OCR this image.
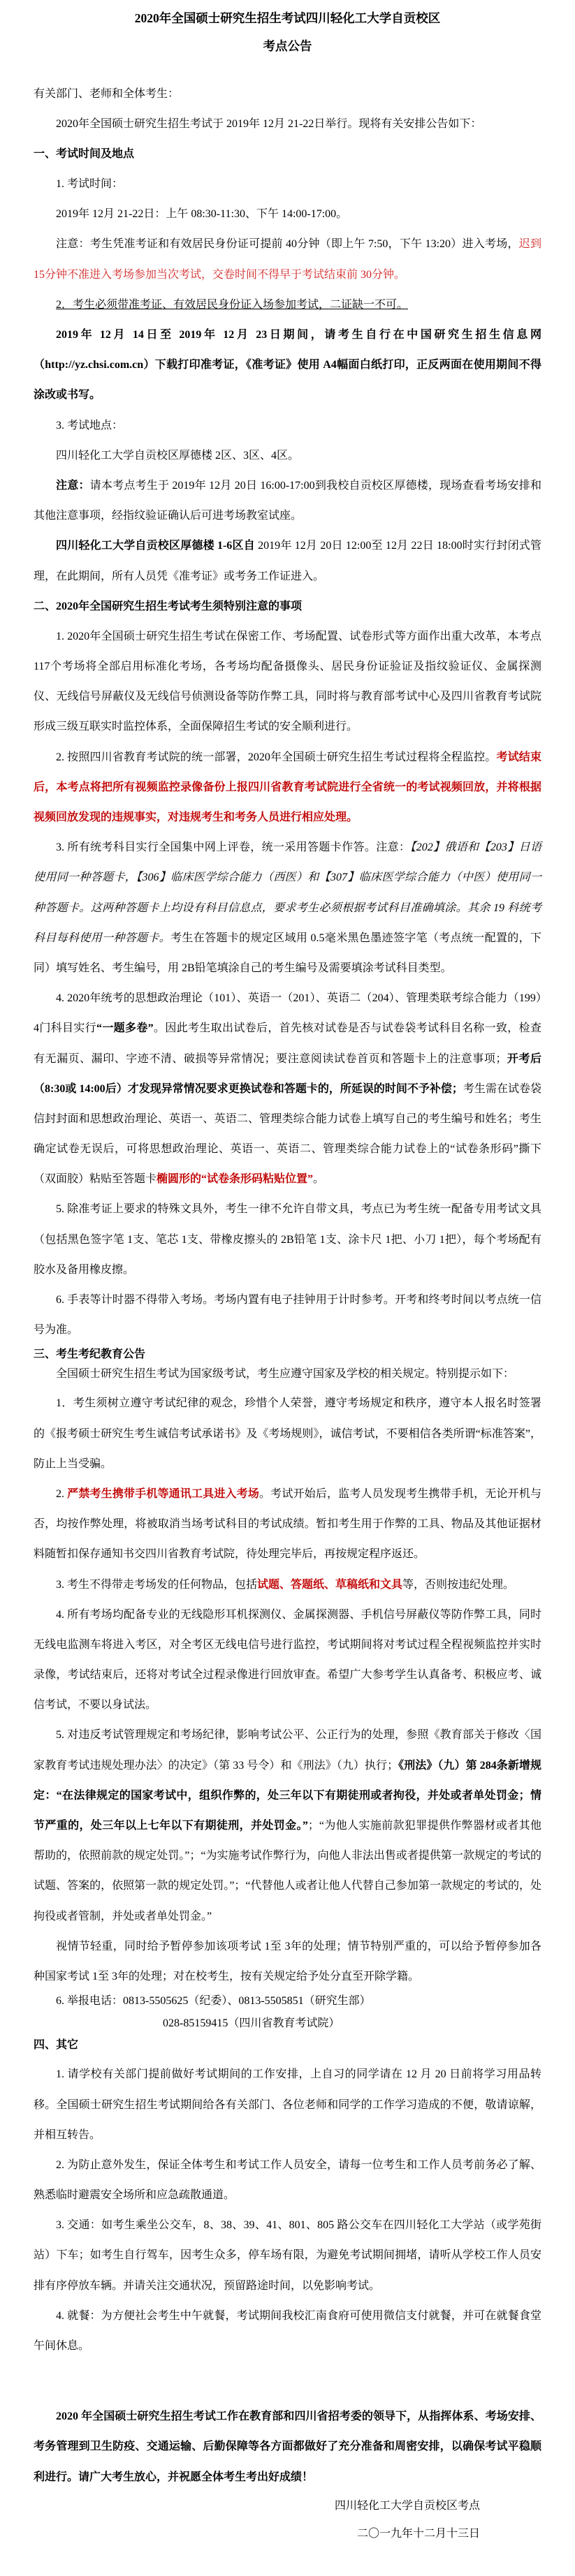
2020年全国硕士研究生招生考试四川轻化工大学自贡校区

考点公告

有关部门、老师和全体考生：

2020年全国硕士研究生招生考试于 2019年 12月 21-22日举行。现将有关安排公告如下：

一、考试时间及地点

1. 考试时间：

2019年 12月 21-22日：上午 08:30-11:30、下午 14:00-17:00。

注意：考生凭准考证和有效居民身份证可提前 40分钟（即上午 7:50，下午 13:20）进入考场，迟到 15分钟不准进入考场参加当次考试，交卷时间不得早于考试结束前 30分钟。

2．考生必须带准考证、有效居民身份证入场参加考试，二证缺一不可。

2019年 12月 14日至 2019年 12月 23日期间，请考生自行在中国研究生招生信息网（http://yz.chsi.com.cn）下载打印准考证，《准考证》使用 A4幅面白纸打印，正反两面在使用期间不得涂改或书写。

3. 考试地点：

四川轻化工大学自贡校区厚德楼 2区、3区、4区。

注意：请本考点考生于 2019年 12月 20日 16:00-17:00到我校自贡校区厚德楼，现场查看考场安排和其他注意事项，经指纹验证确认后可进考场教室试座。

四川轻化工大学自贡校区厚德楼 1-6区自 2019年 12月 20日 12:00至 12月 22日 18:00时实行封闭式管理，在此期间，所有人员凭《准考证》或考务工作证进入。

二、2020年全国研究生招生考试考生须特别注意的事项

1. 2020年全国硕士研究生招生考试在保密工作、考场配置、试卷形式等方面作出重大改革，本考点 117个考场将全部启用标准化考场，各考场均配备摄像头、居民身份证验证及指纹验证仪、金属探测仪、无线信号屏蔽仪及无线信号侦测设备等防作弊工具，同时将与教育部考试中心及四川省教育考试院形成三级互联实时监控体系，全面保障招生考试的安全顺利进行。

2. 按照四川省教育考试院的统一部署，2020年全国硕士研究生招生考试过程将全程监控。考试结束后，本考点将把所有视频监控录像备份上报四川省教育考试院进行全省统一的考试视频回放，并将根据视频回放发现的违规事实，对违规考生和考务人员进行相应处理。

3. 所有统考科目实行全国集中网上评卷，统一采用答题卡作答。注意：【202】俄语和【203】日语使用同一种答题卡，【306】临床医学综合能力（西医）和【307】临床医学综合能力（中医）使用同一种答题卡。这两种答题卡上均设有科目信息点，要求考生必须根据考试科目准确填涂。其余 19 科统考科目每科使用一种答题卡。考生在答题卡的规定区域用 0.5毫米黑色墨迹签字笔（考点统一配置的，下同）填写姓名、考生编号，用 2B铅笔填涂自己的考生编号及需要填涂考试科目类型。

4. 2020年统考的思想政治理论（101）、英语一（201）、英语二（204）、管理类联考综合能力（199）4门科目实行“一题多卷”。因此考生取出试卷后，首先核对试卷是否与试卷袋考试科目名称一致，检查有无漏页、漏印、字迹不清、破损等异常情况；要注意阅读试卷首页和答题卡上的注意事项；开考后（8:30或 14:00后）才发现异常情况要求更换试卷和答题卡的，所延误的时间不予补偿；考生需在试卷袋信封封面和思想政治理论、英语一、英语二、管理类综合能力试卷上填写自己的考生编号和姓名；考生确定试卷无误后，可将思想政治理论、英语一、英语二、管理类综合能力试卷上的“试卷条形码”撕下（双面胶）粘贴至答题卡椭圆形的“试卷条形码粘贴位置”。

5. 除准考证上要求的特殊文具外，考生一律不允许自带文具，考点已为考生统一配备专用考试文具（包括黑色签字笔 1支、笔芯 1支、带橡皮擦头的 2B铅笔 1支、涂卡尺 1把、小刀 1把），每个考场配有胶水及备用橡皮擦。

6. 手表等计时器不得带入考场。考场内置有电子挂钟用于计时参考。开考和终考时间以考点统一信号为准。

三、考生考纪教育公告

全国硕士研究生招生考试为国家级考试，考生应遵守国家及学校的相关规定。特别提示如下：

1．考生须树立遵守考试纪律的观念，珍惜个人荣誉，遵守考场规定和秩序，遵守本人报名时签署的《报考硕士研究生考生诚信考试承诺书》及《考场规则》，诚信考试，不要相信各类所谓“标准答案”，防止上当受骗。

2. 严禁考生携带手机等通讯工具进入考场。考试开始后，监考人员发现考生携带手机，无论开机与否，均按作弊处理，将被取消当场考试科目的考试成绩。暂扣考生用于作弊的工具、物品及其他证据材料随暂扣保存通知书交四川省教育考试院，待处理完毕后，再按规定程序返还。

3. 考生不得带走考场发的任何物品，包括试题、答题纸、草稿纸和文具等，否则按违纪处理。

4. 所有考场均配备专业的无线隐形耳机探测仪、金属探测器、手机信号屏蔽仪等防作弊工具，同时无线电监测车将进入考区，对全考区无线电信号进行监控，考试期间将对考试过程全程视频监控并实时录像，考试结束后，还将对考试全过程录像进行回放审查。希望广大参考学生认真备考、积极应考、诚信考试，不要以身试法。

5. 对违反考试管理规定和考场纪律，影响考试公平、公正行为的处理，参照《教育部关于修改〈国家教育考试违规处理办法〉的决定》（第 33 号令）和《刑法》（九）执行；《刑法》（九）第 284条新增规定：“在法律规定的国家考试中，组织作弊的，处三年以下有期徒刑或者拘役，并处或者单处罚金；情节严重的，处三年以上七年以下有期徒刑，并处罚金。”；“为他人实施前款犯罪提供作弊器材或者其他帮助的，依照前款的规定处罚。”；“为实施考试作弊行为，向他人非法出售或者提供第一款规定的考试的试题、答案的，依照第一款的规定处罚。”；“代替他人或者让他人代替自己参加第一款规定的考试的，处拘役或者管制，并处或者单处罚金。”

视情节轻重，同时给予暂停参加该项考试 1至 3年的处理；情节特别严重的，可以给予暂停参加各种国家考试 1至 3年的处理；对在校考生，按有关规定给予处分直至开除学籍。

6. 举报电话：0813-5505625（纪委）、0813-5505851（研究生部）

028-85159415（四川省教育考试院）

四、其它

1. 请学校有关部门提前做好考试期间的工作安排，上自习的同学请在 12 月 20 日前将学习用品转移。全国硕士研究生招生考试期间给各有关部门、各位老师和同学的工作学习造成的不便，敬请谅解，并相互转告。

2. 为防止意外发生，保证全体考生和考试工作人员安全，请每一位考生和工作人员考前务必了解、熟悉临时避震安全场所和应急疏散通道。

3. 交通：如考生乘坐公交车，8、38、39、41、801、805 路公交车在四川轻化工大学站（或学苑街站）下车；如考生自行驾车，因考生众多，停车场有限，为避免考试期间拥堵，请听从学校工作人员安排有序停放车辆。并请关注交通状况，预留路途时间，以免影响考试。

4. 就餐：为方便社会考生中午就餐，考试期间我校汇南食府可使用微信支付就餐，并可在就餐食堂午间休息。

2020 年全国硕士研究生招生考试工作在教育部和四川省招考委的领导下，从指挥体系、考场安排、考务管理到卫生防疫、交通运输、后勤保障等各方面都做好了充分准备和周密安排，以确保考试平稳顺利进行。请广大考生放心，并祝愿全体考生考出好成绩！

四川轻化工大学自贡校区考点

二〇一九年十二月十三日
